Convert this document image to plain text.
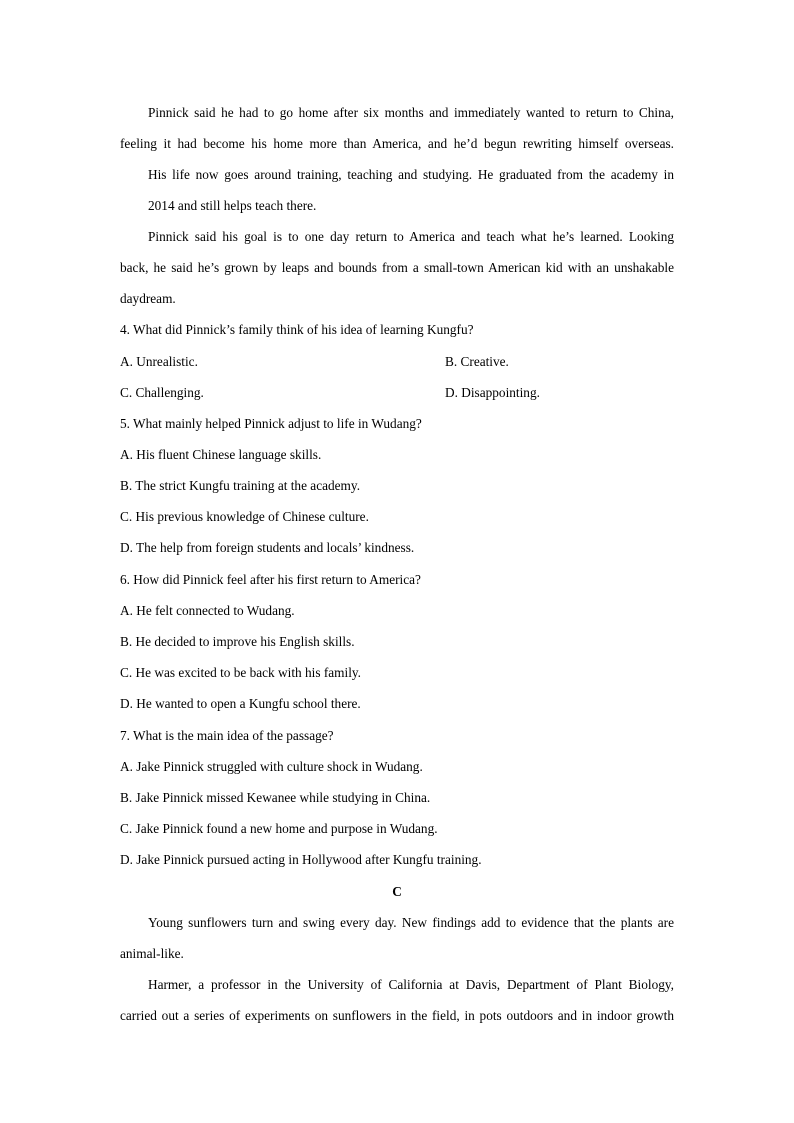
Pinnick said he had to go home after six months and immediately wanted to return to China,
feeling it had become his home more than America, and he’d begun rewriting himself overseas.
His life now goes around training, teaching and studying. He graduated from the academy in
2014 and still helps teach there.
Pinnick said his goal is to one day return to America and teach what he’s learned. Looking
back, he said he’s grown by leaps and bounds from a small-town American kid with an unshakable
daydream.
4. What did Pinnick’s family think of his idea of learning Kungfu?
A. Unrealistic.	B. Creative.
C. Challenging.	D. Disappointing.
5. What mainly helped Pinnick adjust to life in Wudang?
A. His fluent Chinese language skills.
B. The strict Kungfu training at the academy.
C. His previous knowledge of Chinese culture.
D. The help from foreign students and locals’ kindness.
6. How did Pinnick feel after his first return to America?
A. He felt connected to Wudang.
B. He decided to improve his English skills.
C. He was excited to be back with his family.
D. He wanted to open a Kungfu school there.
7. What is the main idea of the passage?
A. Jake Pinnick struggled with culture shock in Wudang.
B. Jake Pinnick missed Kewanee while studying in China.
C. Jake Pinnick found a new home and purpose in Wudang.
D. Jake Pinnick pursued acting in Hollywood after Kungfu training.
C
Young sunflowers turn and swing every day. New findings add to evidence that the plants are
animal-like.
Harmer, a professor in the University of California at Davis, Department of Plant Biology,
carried out a series of experiments on sunflowers in the field, in pots outdoors and in indoor growth
